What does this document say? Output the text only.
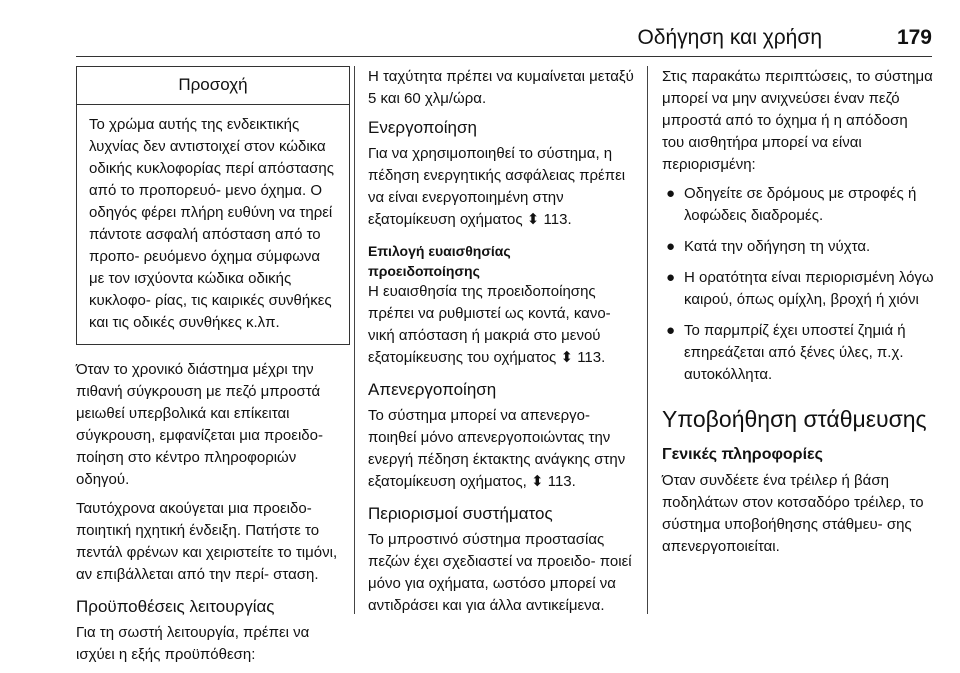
Οδήγηση και χρήση	179
Προσοχή
Το χρώμα αυτής της ενδεικτικής λυχνίας δεν αντιστοιχεί στον κώδικα οδικής κυκλοφορίας περί απόστασης από το προπορευό- μενο όχημα. Ο οδηγός φέρει πλήρη ευθύνη να τηρεί πάντοτε ασφαλή απόσταση από το προπο- ρευόμενο όχημα σύμφωνα με τον ισχύοντα κώδικα οδικής κυκλοφο- ρίας, τις καιρικές συνθήκες και τις οδικές συνθήκες κ.λπ.

Όταν το χρονικό διάστημα μέχρι την πιθανή σύγκρουση με πεζό μπροστά μειωθεί υπερβολικά και επίκειται σύγκρουση, εμφανίζεται μια προειδο- ποίηση στο κέντρο πληροφοριών οδηγού.

Ταυτόχρονα ακούγεται μια προειδο- ποιητική ηχητική ένδειξη. Πατήστε το πεντάλ φρένων και χειριστείτε το τιμόνι, αν επιβάλλεται από την περί- σταση.

Προϋποθέσεις λειτουργίας

Για τη σωστή λειτουργία, πρέπει να ισχύει η εξής προϋπόθεση:

Η ταχύτητα πρέπει να κυμαίνεται μεταξύ 5 και 60 χλμ/ώρα.

Ενεργοποίηση

Για να χρησιμοποιηθεί το σύστημα, η πέδηση ενεργητικής ασφάλειας πρέπει να είναι ενεργοποιημένη στην εξατομίκευση οχήματος ⬍ 113.

Επιλογή ευαισθησίας
προειδοποίησης

Η ευαισθησία της προειδοποίησης πρέπει να ρυθμιστεί ως κοντά, κανο- νική απόσταση ή μακριά στο μενού εξατομίκευσης του οχήματος ⬍ 113.

Απενεργοποίηση

Το σύστημα μπορεί να απενεργο- ποιηθεί μόνο απενεργοποιώντας την ενεργή πέδηση έκτακτης ανάγκης στην εξατομίκευση οχήματος, ⬍ 113.

Περιορισμοί συστήματος

Το μπροστινό σύστημα προστασίας πεζών έχει σχεδιαστεί να προειδο- ποιεί μόνο για οχήματα, ωστόσο μπορεί να αντιδράσει και για άλλα αντικείμενα.

Στις παρακάτω περιπτώσεις, το σύστημα μπορεί να μην ανιχνεύσει έναν πεζό μπροστά από το όχημα ή η απόδοση του αισθητήρα μπορεί να είναι περιορισμένη:

● Οδηγείτε σε δρόμους με στροφές ή λοφώδεις διαδρομές.
● Κατά την οδήγηση τη νύχτα.
● Η ορατότητα είναι περιορισμένη λόγω καιρού, όπως ομίχλη, βροχή ή χιόνι
● Το παρμπρίζ έχει υποστεί ζημιά ή επηρεάζεται από ξένες ύλες, π.χ. αυτοκόλλητα.
Υποβοήθηση στάθμευσης
Γενικές πληροφορίες

Όταν συνδέετε ένα τρέιλερ ή βάση ποδηλάτων στον κοτσαδόρο τρέιλερ, το σύστημα υποβοήθησης στάθμευ- σης απενεργοποιείται.
